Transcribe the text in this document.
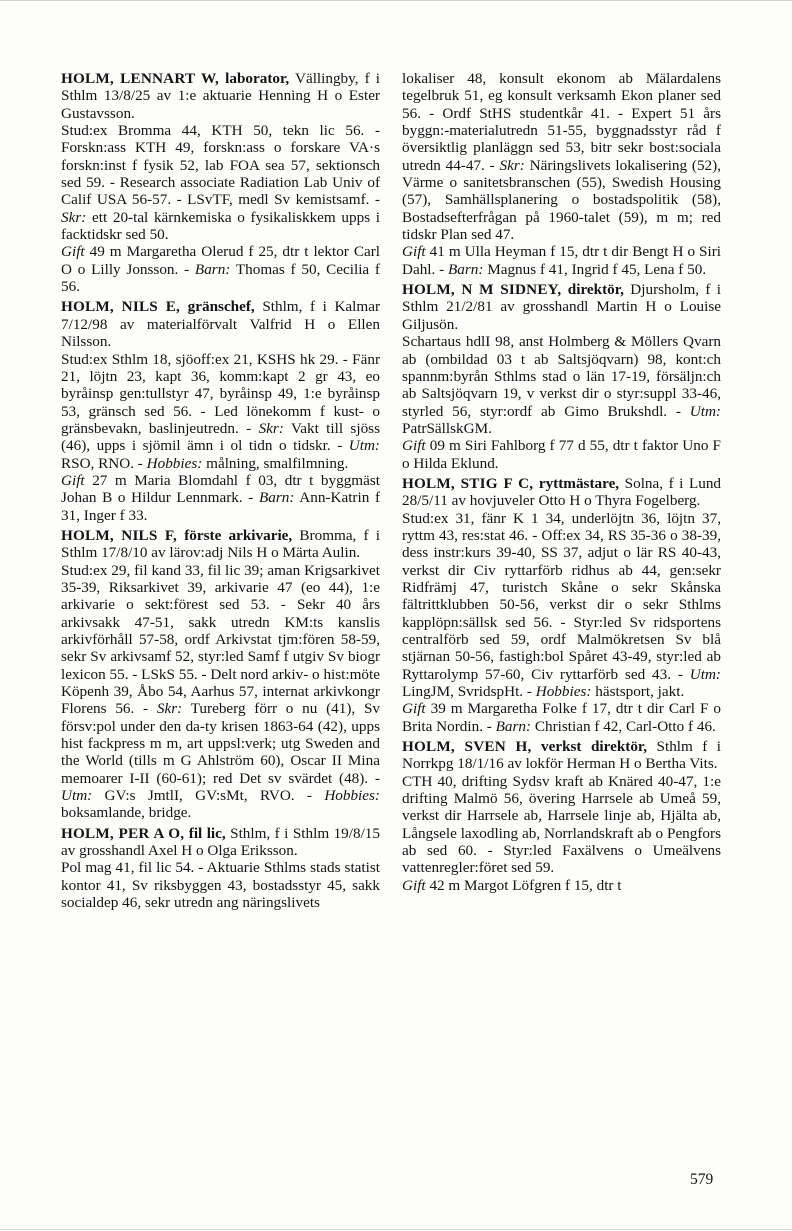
HOLM, LENNART W, laborator, Vällingby, f i Sthlm 13/8/25 av 1:e aktuarie Henning H o Ester Gustavsson.

Stud:ex Bromma 44, KTH 50, tekn lic 56. - Forskn:ass KTH 49, forskn:ass o forskare VA·s forskn:inst f fysik 52, lab FOA sea 57, sektionsch sed 59. - Research associate Radiation Lab Univ of Calif USA 56-57. - LSvTF, medl Sv kemistsamf. - Skr: ett 20-tal kärnkemiska o fysikaliskkem upps i facktidskr sed 50.

Gift 49 m Margaretha Olerud f 25, dtr t lektor Carl O o Lilly Jonsson. - Barn: Thomas f 50, Cecilia f 56.

HOLM, NILS E, gränschef, Sthlm, f i Kalmar 7/12/98 av materialförvalt Valfrid H o Ellen Nilsson.

Stud:ex Sthlm 18, sjöoff:ex 21, KSHS hk 29. - Fänr 21, löjtn 23, kapt 36, komm:kapt 2 gr 43, eo byråinsp gen:tullstyr 47, byråinsp 49, 1:e byråinsp 53, gränsch sed 56. - Led lönekomm f kust- o gränsbevakn, baslinjeutredn. - Skr: Vakt till sjöss (46), upps i sjömil ämn i ol tidn o tidskr. - Utm: RSO, RNO. - Hobbies: målning, smalfilmning.

Gift 27 m Maria Blomdahl f 03, dtr t byggmäst Johan B o Hildur Lennmark. - Barn: Ann-Katrin f 31, Inger f 33.

HOLM, NILS F, förste arkivarie, Bromma, f i Sthlm 17/8/10 av lärov:adj Nils H o Märta Aulin.

Stud:ex 29, fil kand 33, fil lic 39; aman Krigsarkivet 35-39, Riksarkivet 39, arkivarie 47 (eo 44), 1:e arkivarie o sekt:förest sed 53. - Sekr 40 års arkivsakk 47-51, sakk utredn KM:ts kanslis arkivförhåll 57-58, ordf Arkivstat tjm:fören 58-59, sekr Sv arkivsamf 52, styr:led Samf f utgiv Sv biogr lexicon 55. - LSkS 55. - Delt nord arkiv- o hist:möte Köpenh 39, Åbo 54, Aarhus 57, internat arkivkongr Florens 56. - Skr: Tureberg förr o nu (41), Sv försv:pol under den da-ty krisen 1863-64 (42), upps hist fackpress m m, art uppsl:verk; utg Sweden and the World (tills m G Ahlström 60), Oscar II Mina memoarer I-II (60-61); red Det sv svärdet (48). - Utm: GV:s JmtlI, GV:sMt, RVO. - Hobbies: boksamlande, bridge.

HOLM, PER A O, fil lic, Sthlm, f i Sthlm 19/8/15 av grosshandl Axel H o Olga Eriksson.

Pol mag 41, fil lic 54. - Aktuarie Sthlms stads statist kontor 41, Sv riksbyggen 43, bostadsstyr 45, sakk socialdep 46, sekr utredn ang näringslivets

lokaliser 48, konsult ekonom ab Mälardalens tegelbruk 51, eg konsult verksamh Ekon planer sed 56. - Ordf StHS studentkår 41. - Expert 51 års byggn:-materialutredn 51-55, byggnadsstyr råd f översiktlig planläggn sed 53, bitr sekr bost:sociala utredn 44-47. - Skr: Näringslivets lokalisering (52), Värme o sanitetsbranschen (55), Swedish Housing (57), Samhällsplanering o bostadspolitik (58), Bostadsefterfrågan på 1960-talet (59), m m; red tidskr Plan sed 47.

Gift 41 m Ulla Heyman f 15, dtr t dir Bengt H o Siri Dahl. - Barn: Magnus f 41, Ingrid f 45, Lena f 50.

HOLM, N M SIDNEY, direktör, Djursholm, f i Sthlm 21/2/81 av grosshandl Martin H o Louise Giljusön.

Schartaus hdlI 98, anst Holmberg & Möllers Qvarn ab (ombildad 03 t ab Saltsjöqvarn) 98, kont:ch spannm:byrån Sthlms stad o län 17-19, försäljn:ch ab Saltsjöqvarn 19, v verkst dir o styr:suppl 33-46, styrled 56, styr:ordf ab Gimo Brukshdl. - Utm: PatrSällskGM.

Gift 09 m Siri Fahlborg f 77 d 55, dtr t faktor Uno F o Hilda Eklund.

HOLM, STIG F C, ryttmästare, Solna, f i Lund 28/5/11 av hovjuveler Otto H o Thyra Fogelberg.

Stud:ex 31, fänr K 1 34, underlöjtn 36, löjtn 37, ryttm 43, res:stat 46. - Off:ex 34, RS 35-36 o 38-39, dess instr:kurs 39-40, SS 37, adjut o lär RS 40-43, verkst dir Civ ryttarförb ridhus ab 44, gen:sekr Ridfrämj 47, turistch Skåne o sekr Skånska fältrittklubben 50-56, verkst dir o sekr Sthlms kapplöpn:sällsk sed 56. - Styr:led Sv ridsportens centralförb sed 59, ordf Malmökretsen Sv blå stjärnan 50-56, fastigh:bol Spåret 43-49, styr:led ab Ryttarolymp 57-60, Civ ryttarförb sed 43. - Utm: LingJM, SvridspHt. - Hobbies: hästsport, jakt.

Gift 39 m Margaretha Folke f 17, dtr t dir Carl F o Brita Nordin. - Barn: Christian f 42, Carl-Otto f 46.

HOLM, SVEN H, verkst direktör, Sthlm f i Norrkpg 18/1/16 av lokför Herman H o Bertha Vits.

CTH 40, drifting Sydsv kraft ab Knäred 40-47, 1:e drifting Malmö 56, övering Harrsele ab Umeå 59, verkst dir Harrsele ab, Harrsele linje ab, Hjälta ab, Långsele laxodling ab, Norrlandskraft ab o Pengfors ab sed 60. - Styr:led Faxälvens o Umeälvens vattenregler:föret sed 59.

Gift 42 m Margot Löfgren f 15, dtr t

579
